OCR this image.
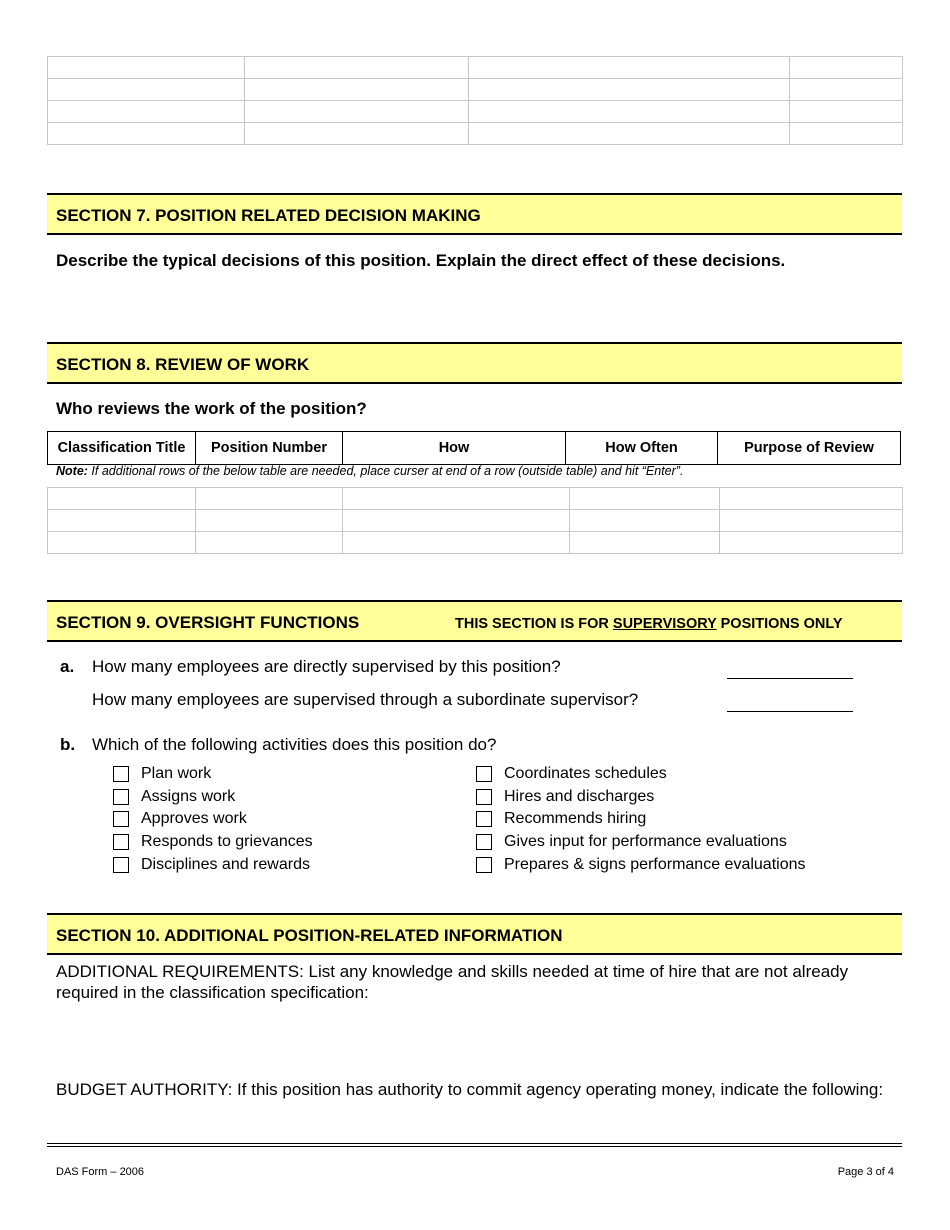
SECTION 7. POSITION RELATED DECISION MAKING
Describe the typical decisions of this position. Explain the direct effect of these decisions.
SECTION 8. REVIEW OF WORK
Who reviews the work of the position?
Classification Title	Position Number	How	How Often	Purpose of Review
Note: If additional rows of the below table are needed, place curser at end of a row (outside table) and hit “Enter”.

SECTION 9. OVERSIGHT FUNCTIONS	THIS SECTION IS FOR SUPERVISORY POSITIONS ONLY
a. How many employees are directly supervised by this position?
How many employees are supervised through a subordinate supervisor?
b. Which of the following activities does this position do?
Plan work
Assigns work
Approves work
Responds to grievances
Disciplines and rewards
Coordinates schedules
Hires and discharges
Recommends hiring
Gives input for performance evaluations
Prepares & signs performance evaluations
SECTION 10. ADDITIONAL POSITION-RELATED INFORMATION
ADDITIONAL REQUIREMENTS: List any knowledge and skills needed at time of hire that are not already required in the classification specification:
BUDGET AUTHORITY: If this position has authority to commit agency operating money, indicate the following:
DAS Form – 2006	Page 3 of 4
